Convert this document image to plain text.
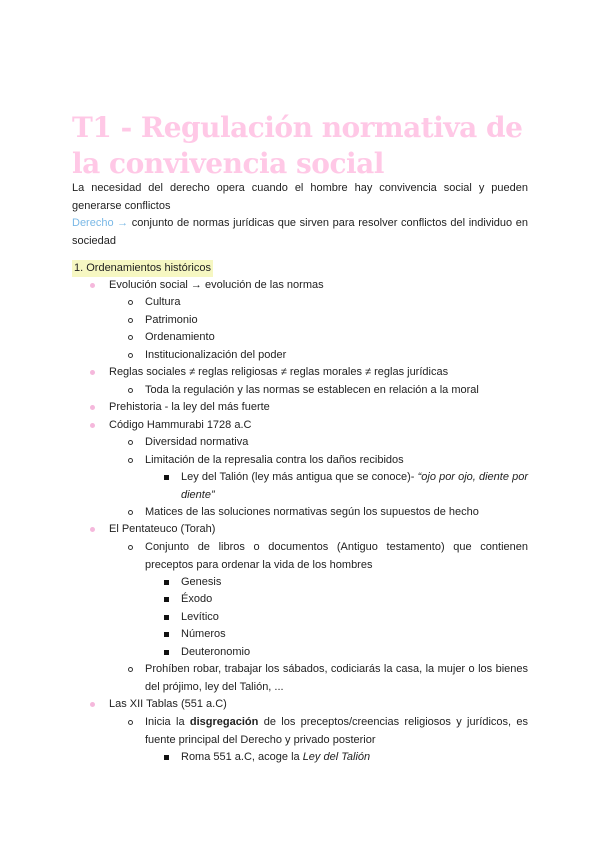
T1 - Regulación normativa de la convivencia social
La necesidad del derecho opera cuando el hombre hay convivencia social y pueden generarse conflictos
Derecho → conjunto de normas jurídicas que sirven para resolver conflictos del individuo en sociedad
1. Ordenamientos históricos
Evolución social → evolución de las normas
Cultura
Patrimonio
Ordenamiento
Institucionalización del poder
Reglas sociales ≠ reglas religiosas ≠ reglas morales ≠ reglas jurídicas
Toda la regulación y las normas se establecen en relación a la moral
Prehistoria - la ley del más fuerte
Código Hammurabi 1728 a.C
Diversidad normativa
Limitación de la represalia contra los daños recibidos
Ley del Talión (ley más antigua que se conoce)- “ojo por ojo, diente por diente”
Matices de las soluciones normativas según los supuestos de hecho
El Pentateuco (Torah)
Conjunto de libros o documentos (Antiguo testamento) que contienen preceptos para ordenar la vida de los hombres
Genesis
Éxodo
Levítico
Números
Deuteronomio
Prohíben robar, trabajar los sábados, codiciarás la casa, la mujer o los bienes del prójimo, ley del Talión, ...
Las XII Tablas (551 a.C)
Inicia la disgregación de los preceptos/creencias religiosos y jurídicos, es fuente principal del Derecho y privado posterior
Roma 551 a.C, acoge la Ley del Talión
